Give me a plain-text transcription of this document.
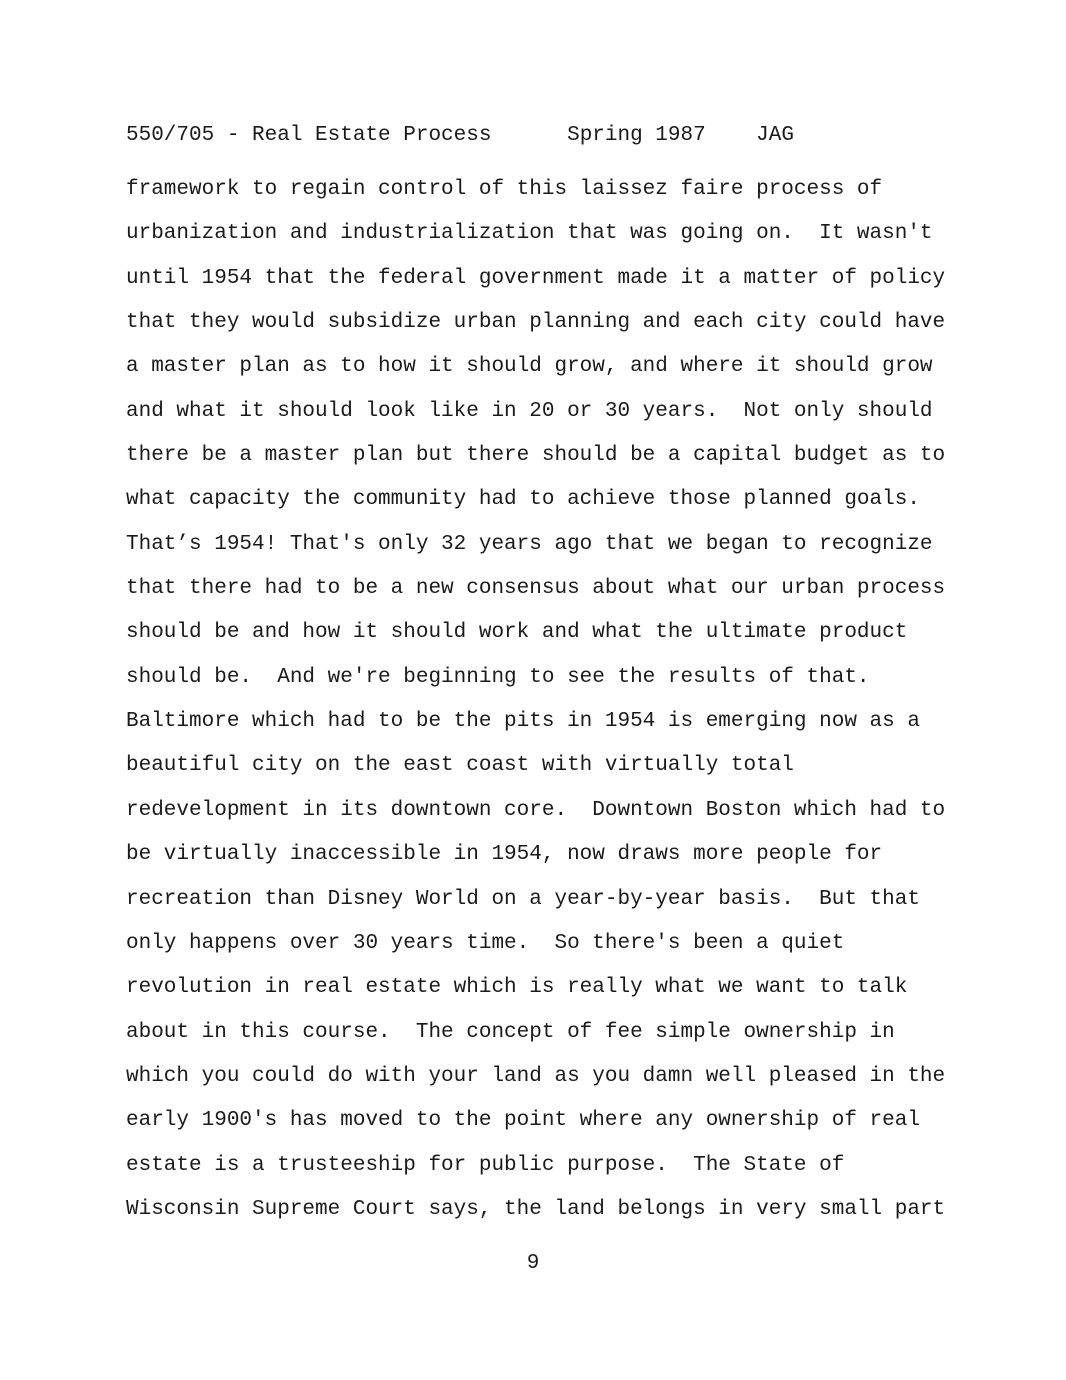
550/705 - Real Estate Process	Spring 1987 JAG
framework to regain control of this laissez faire process of
urbanization and industrialization that was going on.  It wasn't
until 1954 that the federal government made it a matter of policy
that they would subsidize urban planning and each city could have
a master plan as to how it should grow, and where it should grow
and what it should look like in 20 or 30 years.  Not only should
there be a master plan but there should be a capital budget as to
what capacity the community had to achieve those planned goals.
That’s 1954! That's only 32 years ago that we began to recognize
that there had to be a new consensus about what our urban process
should be and how it should work and what the ultimate product
should be.  And we're beginning to see the results of that.
Baltimore which had to be the pits in 1954 is emerging now as a
beautiful city on the east coast with virtually total
redevelopment in its downtown core.  Downtown Boston which had to
be virtually inaccessible in 1954, now draws more people for
recreation than Disney World on a year-by-year basis.  But that
only happens over 30 years time.  So there's been a quiet
revolution in real estate which is really what we want to talk
about in this course.  The concept of fee simple ownership in
which you could do with your land as you damn well pleased in the
early 1900's has moved to the point where any ownership of real
estate is a trusteeship for public purpose.  The State of
Wisconsin Supreme Court says, the land belongs in very small part
9
